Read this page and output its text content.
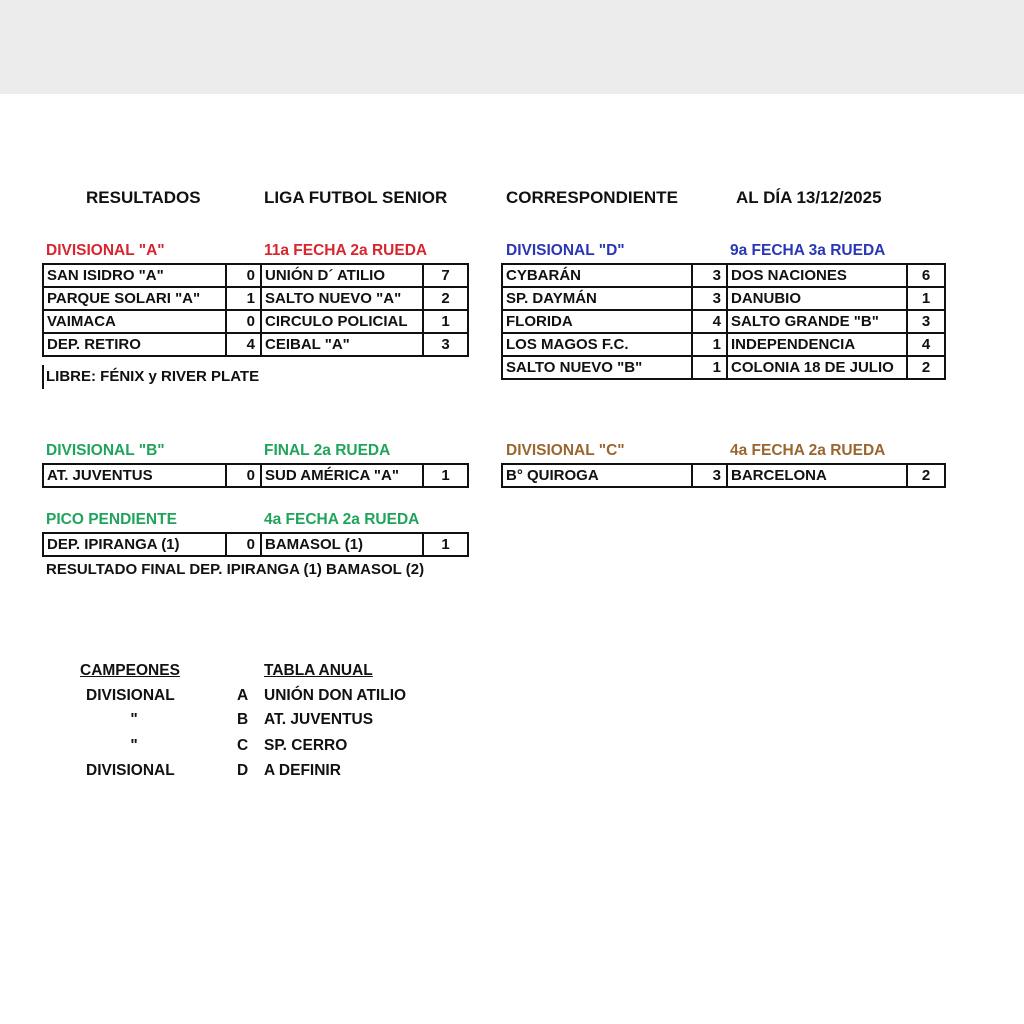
RESULTADOS	LIGA FUTBOL SENIOR	CORRESPONDIENTE	AL DÍA 13/12/2025
DIVISIONAL "A"	11a FECHA 2a RUEDA
SAN ISIDRO "A"	0	UNIÓN D´ ATILIO	7
PARQUE SOLARI "A"	1	SALTO NUEVO "A"	2
VAIMACA	0	CIRCULO POLICIAL	1
DEP. RETIRO	4	CEIBAL "A"	3
LIBRE: FÉNIX y RIVER PLATE
DIVISIONAL "D"	9a FECHA 3a RUEDA
CYBARÁN	3	DOS NACIONES	6
SP. DAYMÁN	3	DANUBIO	1
FLORIDA	4	SALTO GRANDE "B"	3
LOS MAGOS F.C.	1	INDEPENDENCIA	4
SALTO NUEVO "B"	1	COLONIA 18 DE JULIO	2
DIVISIONAL "B"	FINAL 2a RUEDA
AT. JUVENTUS	0	SUD AMÉRICA "A"	1
DIVISIONAL "C"	4a FECHA 2a RUEDA
B° QUIROGA	3	BARCELONA	2
PICO PENDIENTE	4a FECHA 2a RUEDA
DEP. IPIRANGA (1)	0	BAMASOL (1)	1
RESULTADO FINAL DEP. IPIRANGA (1) BAMASOL (2)
CAMPEONES	TABLA ANUAL
DIVISIONAL	A UNIÓN DON ATILIO
"	B AT. JUVENTUS
"	C SP. CERRO
DIVISIONAL	D A DEFINIR
